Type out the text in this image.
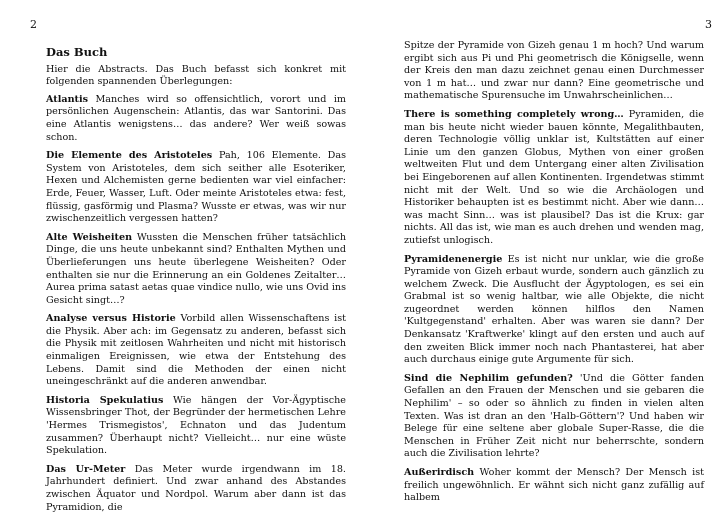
2
Das Buch

Hier die Abstracts. Das Buch befasst sich konkret mit folgenden spannenden Überlegungen:

Atlantis Manches wird so offensichtlich, vorort und im persönlichen Augenschein: Atlantis, das war Santorini. Das eine Atlantis wenigstens… das andere? Wer weiß sowas schon.
Die Elemente des Aristoteles Pah, 106 Elemente. Das System von Aristoteles, dem sich seither alle Esoteriker, Hexen und Alchemisten gerne bedienten war viel einfacher: Erde, Feuer, Wasser, Luft. Oder meinte Aristoteles etwa: fest, flüssig, gasförmig und Plasma? Wusste er etwas, was wir nur zwischenzeitlich vergessen hatten?
Alte Weisheiten Wussten die Menschen früher tatsächlich Dinge, die uns heute unbekannt sind? Enthalten Mythen und Überlieferungen uns heute überlegene Weisheiten? Oder enthalten sie nur die Erinnerung an ein Goldenes Zeitalter… Aurea prima satast aetas quae vindice nullo, wie uns Ovid ins Gesicht singt…?
Analyse versus Historie Vorbild allen Wissenschaftens ist die Physik. Aber ach: im Gegensatz zu anderen, befasst sich die Physik mit zeitlosen Wahrheiten und nicht mit historisch einmaligen Ereignissen, wie etwa der Entstehung des Lebens. Damit sind die Methoden der einen nicht uneingeschränkt auf die anderen anwendbar.
Historia Spekulatius Wie hängen der Vor-Ägyptische Wissensbringer Thot, der Begründer der hermetischen Lehre 'Hermes Trismegistos', Echnaton und das Judentum zusammen? Überhaupt nicht? Vielleicht… nur eine wüste Spekulation.
Das Ur-Meter Das Meter wurde irgendwann im 18. Jahrhundert definiert. Und zwar anhand des Abstandes zwischen Äquator und Nordpol. Warum aber dann ist das Pyramidion, die
3
Spitze der Pyramide von Gizeh genau 1 m hoch? Und warum ergibt sich aus Pi und Phi geometrisch die Königselle, wenn der Kreis den man dazu zeichnet genau einen Durchmesser von 1 m hat… und zwar nur dann? Eine geometrische und mathematische Spurensuche im Unwahrscheinlichen…
There is something completely wrong… Pyramiden, die man bis heute nicht wieder bauen könnte, Megalithbauten, deren Technologie völlig unklar ist, Kultstätten auf einer Linie um den ganzen Globus, Mythen von einer großen weltweiten Flut und dem Untergang einer alten Zivilisation bei Eingeborenen auf allen Kontinenten. Irgendetwas stimmt nicht mit der Welt. Und so wie die Archäologen und Historiker behaupten ist es bestimmt nicht. Aber wie dann… was macht Sinn… was ist plausibel? Das ist die Krux: gar nichts. All das ist, wie man es auch drehen und wenden mag, zutiefst unlogisch.
Pyramidenenergie Es ist nicht nur unklar, wie die große Pyramide von Gizeh erbaut wurde, sondern auch gänzlich zu welchem Zweck. Die Ausflucht der Ägyptologen, es sei ein Grabmal ist so wenig haltbar, wie alle Objekte, die nicht zugeordnet werden können hilflos den Namen 'Kultgegenstand' erhalten. Aber was waren sie dann? Der Denkansatz 'Kraftwerke' klingt auf den ersten und auch auf den zweiten Blick immer noch nach Phantasterei, hat aber auch durchaus einige gute Argumente für sich.
Sind die Nephilim gefunden? 'Und die Götter fanden Gefallen an den Frauen der Menschen und sie gebaren die Nephilim' – so oder so ähnlich zu finden in vielen alten Texten. Was ist dran an den 'Halb-Göttern'? Und haben wir Belege für eine seltene aber globale Super-Rasse, die die Menschen in Früher Zeit nicht nur beherrschte, sondern auch die Zivilisation lehrte?
Außerirdisch Woher kommt der Mensch? Der Mensch ist freilich ungewöhnlich. Er wähnt sich nicht ganz zufällig auf halbem
